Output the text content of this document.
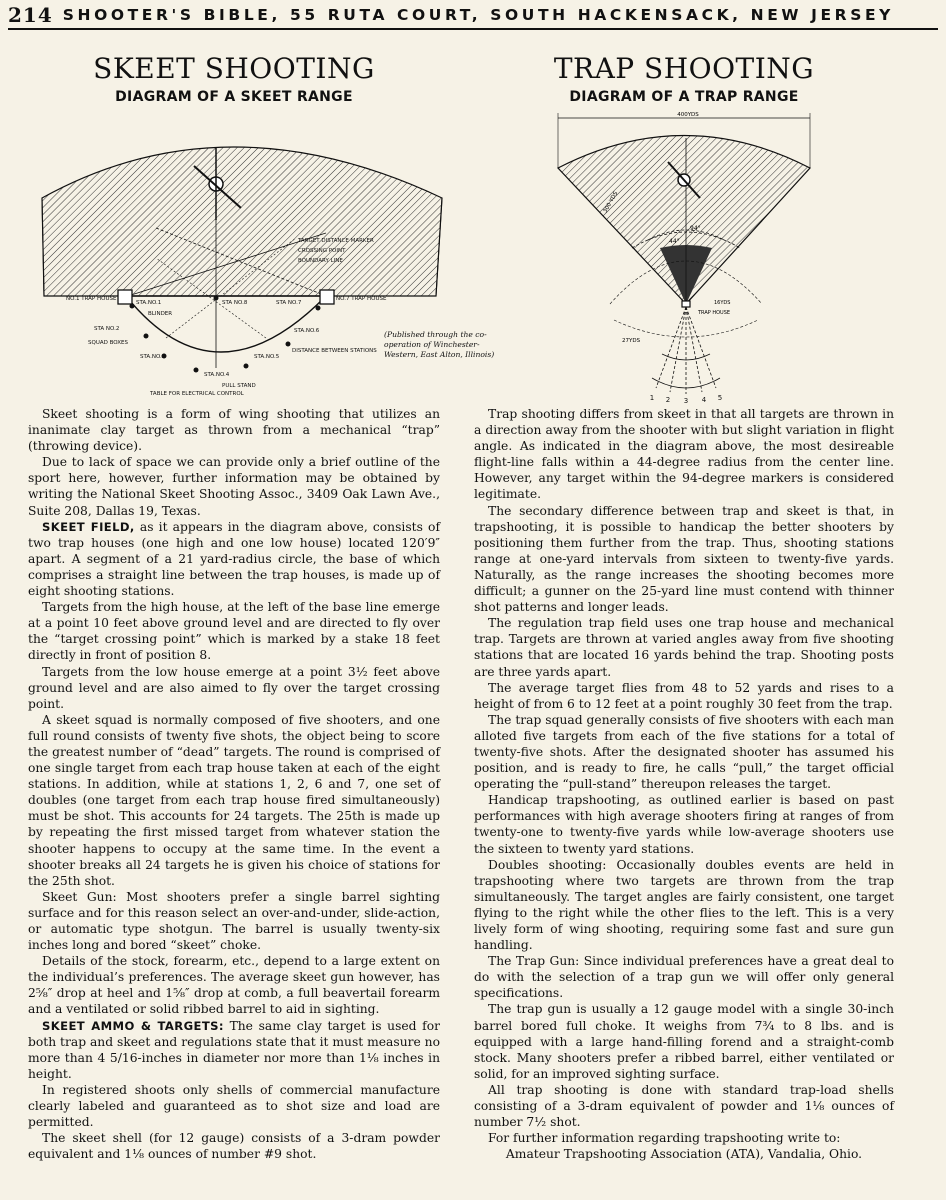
214 SHOOTER'S BIBLE, 55 RUTA COURT, SOUTH HACKENSACK, NEW JERSEY
SKEET SHOOTING
DIAGRAM OF A SKEET RANGE
NO.1 TRAP HOUSE	NO.7 TRAP HOUSE
STA.NO.1
STA NO.2
STA.NO.3
STA.NO.4
STA.NO.5
STA.NO.6
STA NO.7
STA NO.8
BLINDER
SQUAD BOXES
DISTANCE BETWEEN STATIONS
PULL STAND
TABLE FOR ELECTRICAL CONTROL
TARGET DISTANCE MARKER
CROSSING POINT
BOUNDARY LINE
(Published through the co-operation of Winchester-Western, East Alton, Illinois)

Skeet shooting is a form of wing shooting that utilizes an inanimate clay target as thrown from a mechanical “trap” (throwing device).

Due to lack of space we can provide only a brief outline of the sport here, however, further information may be obtained by writing the National Skeet Shooting Assoc., 3409 Oak Lawn Ave., Suite 208, Dallas 19, Texas.

SKEET FIELD, as it appears in the diagram above, consists of two trap houses (one high and one low house) located 120′9″ apart. A segment of a 21 yard-radius circle, the base of which comprises a straight line between the trap houses, is made up of eight shooting stations.

Targets from the high house, at the left of the base line emerge at a point 10 feet above ground level and are directed to fly over the “target crossing point” which is marked by a stake 18 feet directly in front of position 8.

Targets from the low house emerge at a point 3½ feet above ground level and are also aimed to fly over the target crossing point.

A skeet squad is normally composed of five shooters, and one full round consists of twenty five shots, the object being to score the greatest number of “dead” targets. The round is comprised of one single target from each trap house taken at each of the eight stations. In addition, while at stations 1, 2, 6 and 7, one set of doubles (one target from each trap house fired simultaneously) must be shot. This accounts for 24 targets. The 25th is made up by repeating the first missed target from whatever station the shooter happens to occupy at the same time. In the event a shooter breaks all 24 targets he is given his choice of stations for the 25th shot.

Skeet Gun: Most shooters prefer a single barrel sighting surface and for this reason select an over-and-under, slide-action, or automatic type shotgun. The barrel is usually twenty-six inches long and bored “skeet” choke.

Details of the stock, forearm, etc., depend to a large extent on the individual’s preferences. The average skeet gun however, has 2⅝″ drop at heel and 1⅝″ drop at comb, a full beavertail forearm and a ventilated or solid ribbed barrel to aid in sighting.

SKEET AMMO & TARGETS: The same clay target is used for both trap and skeet and regulations state that it must measure no more than 4 5/16-inches in diameter nor more than 1⅛ inches in height.

In registered shoots only shells of commercial manufacture clearly labeled and guaranteed as to shot size and load are permitted.

The skeet shell (for 12 gauge) consists of a 3-dram powder equivalent and 1⅛ ounces of number #9 shot.

TRAP SHOOTING
DIAGRAM OF A TRAP RANGE
400YDS
44°
94°
300 YDS
TRAP HOUSE
27YDS
16YDS
1 2 3 4 5

Trap shooting differs from skeet in that all targets are thrown in a direction away from the shooter with but slight variation in flight angle. As indicated in the diagram above, the most desireable flight-line falls within a 44-degree radius from the center line. However, any target within the 94-degree markers is considered legitimate.

The secondary difference between trap and skeet is that, in trapshooting, it is possible to handicap the better shooters by positioning them further from the trap. Thus, shooting stations range at one-yard intervals from sixteen to twenty-five yards. Naturally, as the range increases the shooting becomes more difficult; a gunner on the 25-yard line must contend with thinner shot patterns and longer leads.

The regulation trap field uses one trap house and mechanical trap. Targets are thrown at varied angles away from five shooting stations that are located 16 yards behind the trap. Shooting posts are three yards apart.

The average target flies from 48 to 52 yards and rises to a height of from 6 to 12 feet at a point roughly 30 feet from the trap.

The trap squad generally consists of five shooters with each man alloted five targets from each of the five stations for a total of twenty-five shots. After the designated shooter has assumed his position, and is ready to fire, he calls “pull,” the target official operating the “pull-stand” thereupon releases the target.

Handicap trapshooting, as outlined earlier is based on past performances with high average shooters firing at ranges of from twenty-one to twenty-five yards while low-average shooters use the sixteen to twenty yard stations.

Doubles shooting: Occasionally doubles events are held in trapshooting where two targets are thrown from the trap simultaneously. The target angles are fairly consistent, one target flying to the right while the other flies to the left. This is a very lively form of wing shooting, requiring some fast and sure gun handling.

The Trap Gun: Since individual preferences have a great deal to do with the selection of a trap gun we will offer only general specifications.

The trap gun is usually a 12 gauge model with a single 30-inch barrel bored full choke. It weighs from 7¾ to 8 lbs. and is equipped with a large hand-filling forend and a straight-comb stock. Many shooters prefer a ribbed barrel, either ventilated or solid, for an improved sighting surface.

All trap shooting is done with standard trap-load shells consisting of a 3-dram equivalent of powder and 1⅛ ounces of number 7½ shot.

For further information regarding trapshooting write to:

Amateur Trapshooting Association (ATA), Vandalia, Ohio.
